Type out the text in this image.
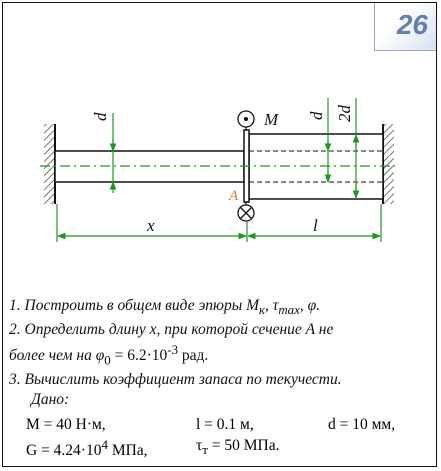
26
M
A
d	d 2d
x	l
1. Построить в общем виде эпюры $M_к$, $\tau_{max}$, φ.
2. Определить длину x, при которой сечение A не
более чем на $\varphi_0 = 6.2\cdot 10^{-3}$ рад.
3. Вычислить коэффициент запаса по текучести.
Дано:
M = 40 Н·м,	l = 0.1 м,	d = 10 мм,
$G = 4.24\cdot 10^4$ МПа,	$\tau_т = 50$ МПа.
